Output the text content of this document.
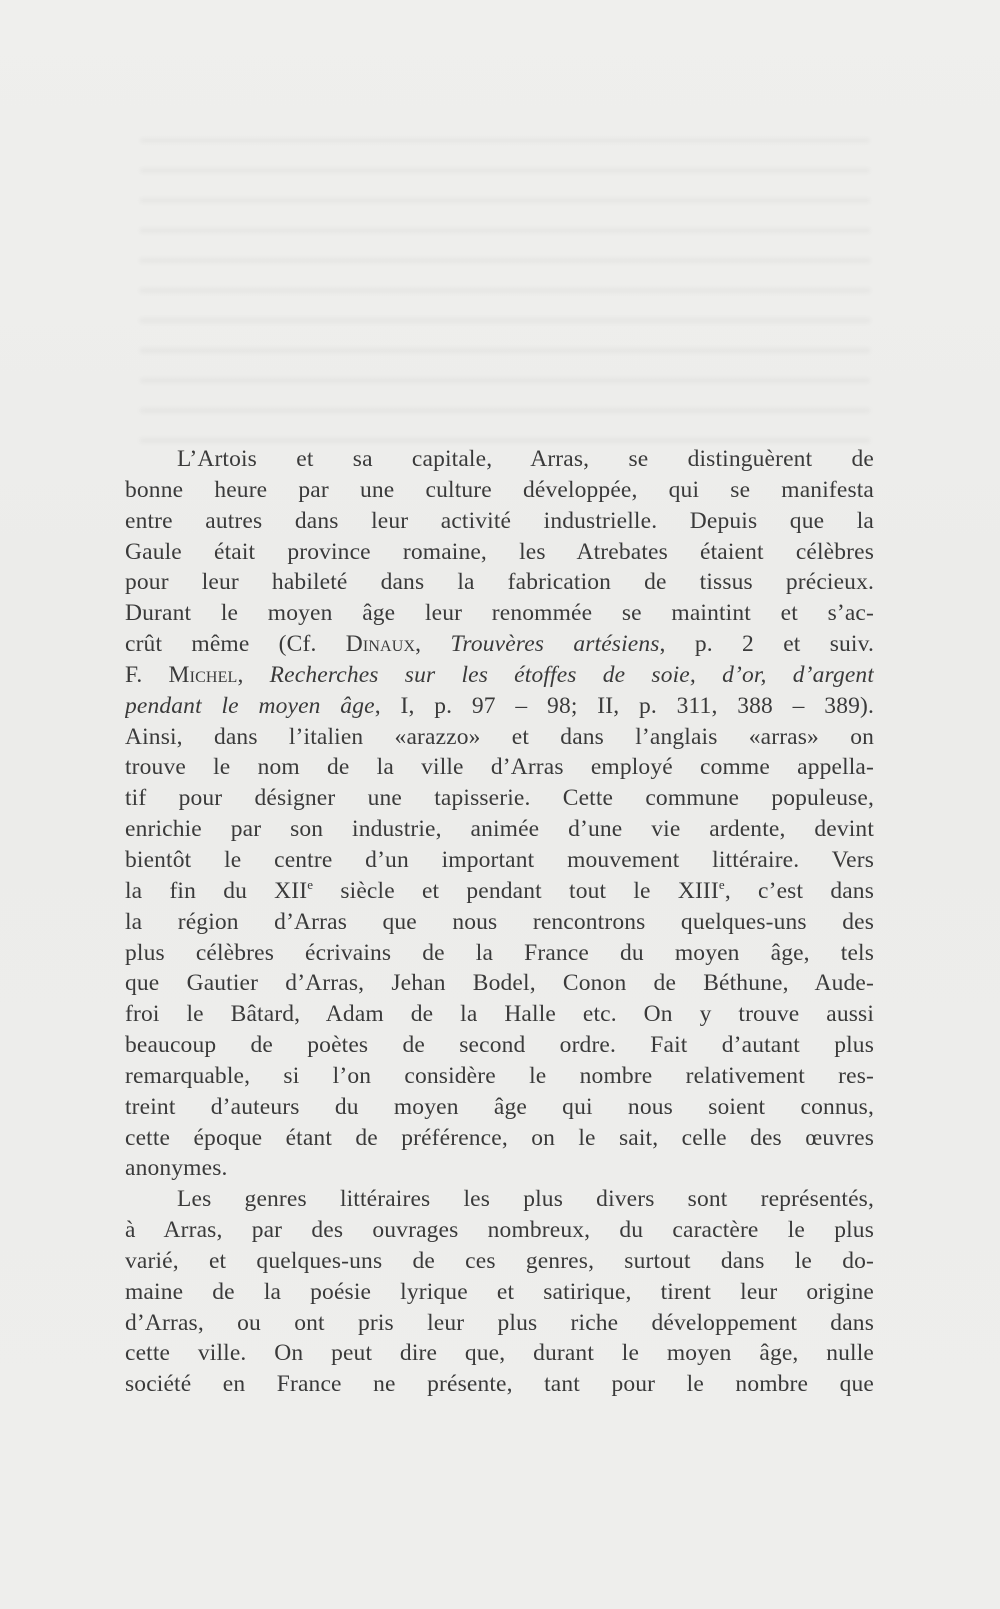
L’Artois et sa capitale, Arras, se distinguèrent de
bonne heure par une culture développée, qui se manifesta
entre autres dans leur activité industrielle. Depuis que la
Gaule était province romaine, les Atrebates étaient célèbres
pour leur habileté dans la fabrication de tissus précieux.
Durant le moyen âge leur renommée se maintint et s’ac-
crût même (Cf. Dinaux, Trouvères artésiens, p. 2 et suiv.
F. Michel, Recherches sur les étoffes de soie, d’or, d’argent
pendant le moyen âge, I, p. 97 – 98; II, p. 311, 388 – 389).
Ainsi, dans l’italien «arazzo» et dans l’anglais «arras» on
trouve le nom de la ville d’Arras employé comme appella-
tif pour désigner une tapisserie. Cette commune populeuse,
enrichie par son industrie, animée d’une vie ardente, devint
bientôt le centre d’un important mouvement littéraire. Vers
la fin du XIIe siècle et pendant tout le XIIIe, c’est dans
la région d’Arras que nous rencontrons quelques-uns des
plus célèbres écrivains de la France du moyen âge, tels
que Gautier d’Arras, Jehan Bodel, Conon de Béthune, Aude-
froi le Bâtard, Adam de la Halle etc. On y trouve aussi
beaucoup de poètes de second ordre. Fait d’autant plus
remarquable, si l’on considère le nombre relativement res-
treint d’auteurs du moyen âge qui nous soient connus,
cette époque étant de préférence, on le sait, celle des œuvres
anonymes.
Les genres littéraires les plus divers sont représentés,
à Arras, par des ouvrages nombreux, du caractère le plus
varié, et quelques-uns de ces genres, surtout dans le do-
maine de la poésie lyrique et satirique, tirent leur origine
d’Arras, ou ont pris leur plus riche développement dans
cette ville. On peut dire que, durant le moyen âge, nulle
société en France ne présente, tant pour le nombre que
